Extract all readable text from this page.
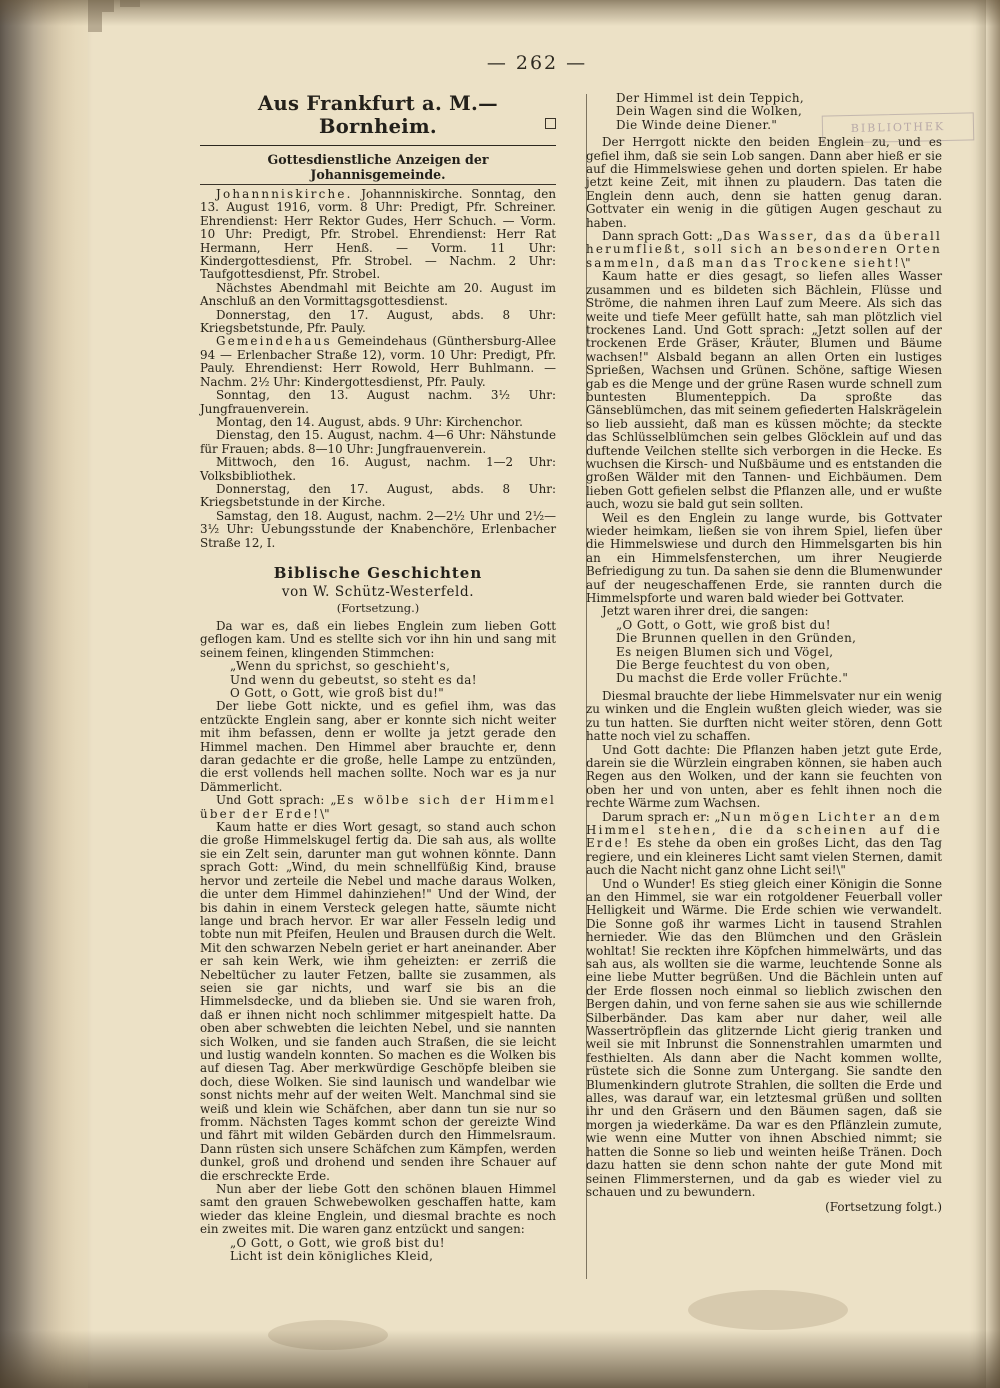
— 262 —
Aus Frankfurt a. M.—Bornheim.
Gottesdienstliche Anzeigen der Johannisgemeinde.

Johannniskirche. Johannniskirche. Sonntag, den 13. August 1916, vorm. 8 Uhr: Predigt, Pfr. Schreiner. Ehrendienst: Herr Rektor Gudes, Herr Schuch. — Vorm. 10 Uhr: Predigt, Pfr. Strobel. Ehrendienst: Herr Rat Hermann, Herr Henß. — Vorm. 11 Uhr: Kindergottesdienst, Pfr. Strobel. — Nachm. 2 Uhr: Taufgottesdienst, Pfr. Strobel.

Nächstes Abendmahl mit Beichte am 20. August im Anschluß an den Vormittagsgottesdienst.

Donnerstag, den 17. August, abds. 8 Uhr: Kriegsbetstunde, Pfr. Pauly.

Gemeindehaus Gemeindehaus (Günthersburg-Allee 94 — Erlenbacher Straße 12), vorm. 10 Uhr: Predigt, Pfr. Pauly. Ehrendienst: Herr Rowold, Herr Buhlmann. — Nachm. 2½ Uhr: Kindergottesdienst, Pfr. Pauly.

Sonntag, den 13. August nachm. 3½ Uhr: Jungfrauenverein.

Montag, den 14. August, abds. 9 Uhr: Kirchenchor.

Dienstag, den 15. August, nachm. 4—6 Uhr: Nähstunde für Frauen; abds. 8—10 Uhr: Jungfrauenverein.

Mittwoch, den 16. August, nachm. 1—2 Uhr: Volksbibliothek.

Donnerstag, den 17. August, abds. 8 Uhr: Kriegsbetstunde in der Kirche.

Samstag, den 18. August, nachm. 2—2½ Uhr und 2½—3½ Uhr: Uebungsstunde der Knabenchöre, Erlenbacher Straße 12, I.

Biblische Geschichten
von W. Schütz-Westerfeld.
(Fortsetzung.)

Da war es, daß ein liebes Englein zum lieben Gott geflogen kam. Und es stellte sich vor ihn hin und sang mit seinem feinen, klingenden Stimmchen:

„Wenn du sprichst, so geschieht's,

Und wenn du gebeutst, so steht es da!

O Gott, o Gott, wie groß bist du!"

Der liebe Gott nickte, und es gefiel ihm, was das entzückte Englein sang, aber er konnte sich nicht weiter mit ihm befassen, denn er wollte ja jetzt gerade den Himmel machen. Den Himmel aber brauchte er, denn daran gedachte er die große, helle Lampe zu entzünden, die erst vollends hell machen sollte. Noch war es ja nur Dämmerlicht.

Und Gott sprach: „Es wölbe sich der Himmel über der Erde!\"

Kaum hatte er dies Wort gesagt, so stand auch schon die große Himmelskugel fertig da. Die sah aus, als wollte sie ein Zelt sein, darunter man gut wohnen könnte. Dann sprach Gott: „Wind, du mein schnellfüßig Kind, brause hervor und zerteile die Nebel und mache daraus Wolken, die unter dem Himmel dahinziehen!" Und der Wind, der bis dahin in einem Versteck gelegen hatte, säumte nicht lange und brach hervor. Er war aller Fesseln ledig und tobte nun mit Pfeifen, Heulen und Brausen durch die Welt. Mit den schwarzen Nebeln geriet er hart aneinander. Aber er sah kein Werk, wie ihm geheizten: er zerriß die Nebeltücher zu lauter Fetzen, ballte sie zusammen, als seien sie gar nichts, und warf sie bis an die Himmelsdecke, und da blieben sie. Und sie waren froh, daß er ihnen nicht noch schlimmer mitgespielt hatte. Da oben aber schwebten die leichten Nebel, und sie nannten sich Wolken, und sie fanden auch Straßen, die sie leicht und lustig wandeln konnten. So machen es die Wolken bis auf diesen Tag. Aber merkwürdige Geschöpfe bleiben sie doch, diese Wolken. Sie sind launisch und wandelbar wie sonst nichts mehr auf der weiten Welt. Manchmal sind sie weiß und klein wie Schäfchen, aber dann tun sie nur so fromm. Nächsten Tages kommt schon der gereizte Wind und fährt mit wilden Gebärden durch den Himmelsraum. Dann rüsten sich unsere Schäfchen zum Kämpfen, werden dunkel, groß und drohend und senden ihre Schauer auf die erschreckte Erde.

Nun aber der liebe Gott den schönen blauen Himmel samt den grauen Schwebewolken geschaffen hatte, kam wieder das kleine Englein, und diesmal brachte es noch ein zweites mit. Die waren ganz entzückt und sangen:

„O Gott, o Gott, wie groß bist du!

Licht ist dein königliches Kleid,

BIBLIOTHEK

Der Himmel ist dein Teppich,

Dein Wagen sind die Wolken,

Die Winde deine Diener."

Der Herrgott nickte den beiden Englein zu, und es gefiel ihm, daß sie sein Lob sangen. Dann aber hieß er sie auf die Himmelswiese gehen und dorten spielen. Er habe jetzt keine Zeit, mit ihnen zu plaudern. Das taten die Englein denn auch, denn sie hatten genug daran. Gottvater ein wenig in die gütigen Augen geschaut zu haben.

Dann sprach Gott: „Das Wasser, das da überall herumfließt, soll sich an besonderen Orten sammeln, daß man das Trockene sieht!\"

Kaum hatte er dies gesagt, so liefen alles Wasser zusammen und es bildeten sich Bächlein, Flüsse und Ströme, die nahmen ihren Lauf zum Meere. Als sich das weite und tiefe Meer gefüllt hatte, sah man plötzlich viel trockenes Land. Und Gott sprach: „Jetzt sollen auf der trockenen Erde Gräser, Kräuter, Blumen und Bäume wachsen!" Alsbald begann an allen Orten ein lustiges Sprießen, Wachsen und Grünen. Schöne, saftige Wiesen gab es die Menge und der grüne Rasen wurde schnell zum buntesten Blumenteppich. Da sproßte das Gänseblümchen, das mit seinem gefiederten Halskrägelein so lieb aussieht, daß man es küssen möchte; da steckte das Schlüsselblümchen sein gelbes Glöcklein auf und das duftende Veilchen stellte sich verborgen in die Hecke. Es wuchsen die Kirsch- und Nußbäume und es entstanden die großen Wälder mit den Tannen- und Eichbäumen. Dem lieben Gott gefielen selbst die Pflanzen alle, und er wußte auch, wozu sie bald gut sein sollten.

Weil es den Englein zu lange wurde, bis Gottvater wieder heimkam, ließen sie von ihrem Spiel, liefen über die Himmelswiese und durch den Himmelsgarten bis hin an ein Himmelsfensterchen, um ihrer Neugierde Befriedigung zu tun. Da sahen sie denn die Blumenwunder auf der neugeschaffenen Erde, sie rannten durch die Himmelspforte und waren bald wieder bei Gottvater.

Jetzt waren ihrer drei, die sangen:

„O Gott, o Gott, wie groß bist du!

Die Brunnen quellen in den Gründen,

Es neigen Blumen sich und Vögel,

Die Berge feuchtest du von oben,

Du machst die Erde voller Früchte."

Diesmal brauchte der liebe Himmelsvater nur ein wenig zu winken und die Englein wußten gleich wieder, was sie zu tun hatten. Sie durften nicht weiter stören, denn Gott hatte noch viel zu schaffen.

Und Gott dachte: Die Pflanzen haben jetzt gute Erde, darein sie die Würzlein eingraben können, sie haben auch Regen aus den Wolken, und der kann sie feuchten von oben her und von unten, aber es fehlt ihnen noch die rechte Wärme zum Wachsen.

Darum sprach er: „Nun mögen Lichter an dem Himmel stehen, die da scheinen auf die Erde! Es stehe da oben ein großes Licht, das den Tag regiere, und ein kleineres Licht samt vielen Sternen, damit auch die Nacht nicht ganz ohne Licht sei!\"

Und o Wunder! Es stieg gleich einer Königin die Sonne an den Himmel, sie war ein rotgoldener Feuerball voller Helligkeit und Wärme. Die Erde schien wie verwandelt. Die Sonne goß ihr warmes Licht in tausend Strahlen hernieder. Wie das den Blümchen und den Gräslein wohltat! Sie reckten ihre Köpfchen himmelwärts, und das sah aus, als wollten sie die warme, leuchtende Sonne als eine liebe Mutter begrüßen. Und die Bächlein unten auf der Erde flossen noch einmal so lieblich zwischen den Bergen dahin, und von ferne sahen sie aus wie schillernde Silberbänder. Das kam aber nur daher, weil alle Wassertröpflein das glitzernde Licht gierig tranken und weil sie mit Inbrunst die Sonnenstrahlen umarmten und festhielten. Als dann aber die Nacht kommen wollte, rüstete sich die Sonne zum Untergang. Sie sandte den Blumenkindern glutrote Strahlen, die sollten die Erde und alles, was darauf war, ein letztesmal grüßen und sollten ihr und den Gräsern und den Bäumen sagen, daß sie morgen ja wiederkäme. Da war es den Pflänzlein zumute, wie wenn eine Mutter von ihnen Abschied nimmt; sie hatten die Sonne so lieb und weinten heiße Tränen. Doch dazu hatten sie denn schon nahte der gute Mond mit seinen Flimmersternen, und da gab es wieder viel zu schauen und zu bewundern.

(Fortsetzung folgt.)
